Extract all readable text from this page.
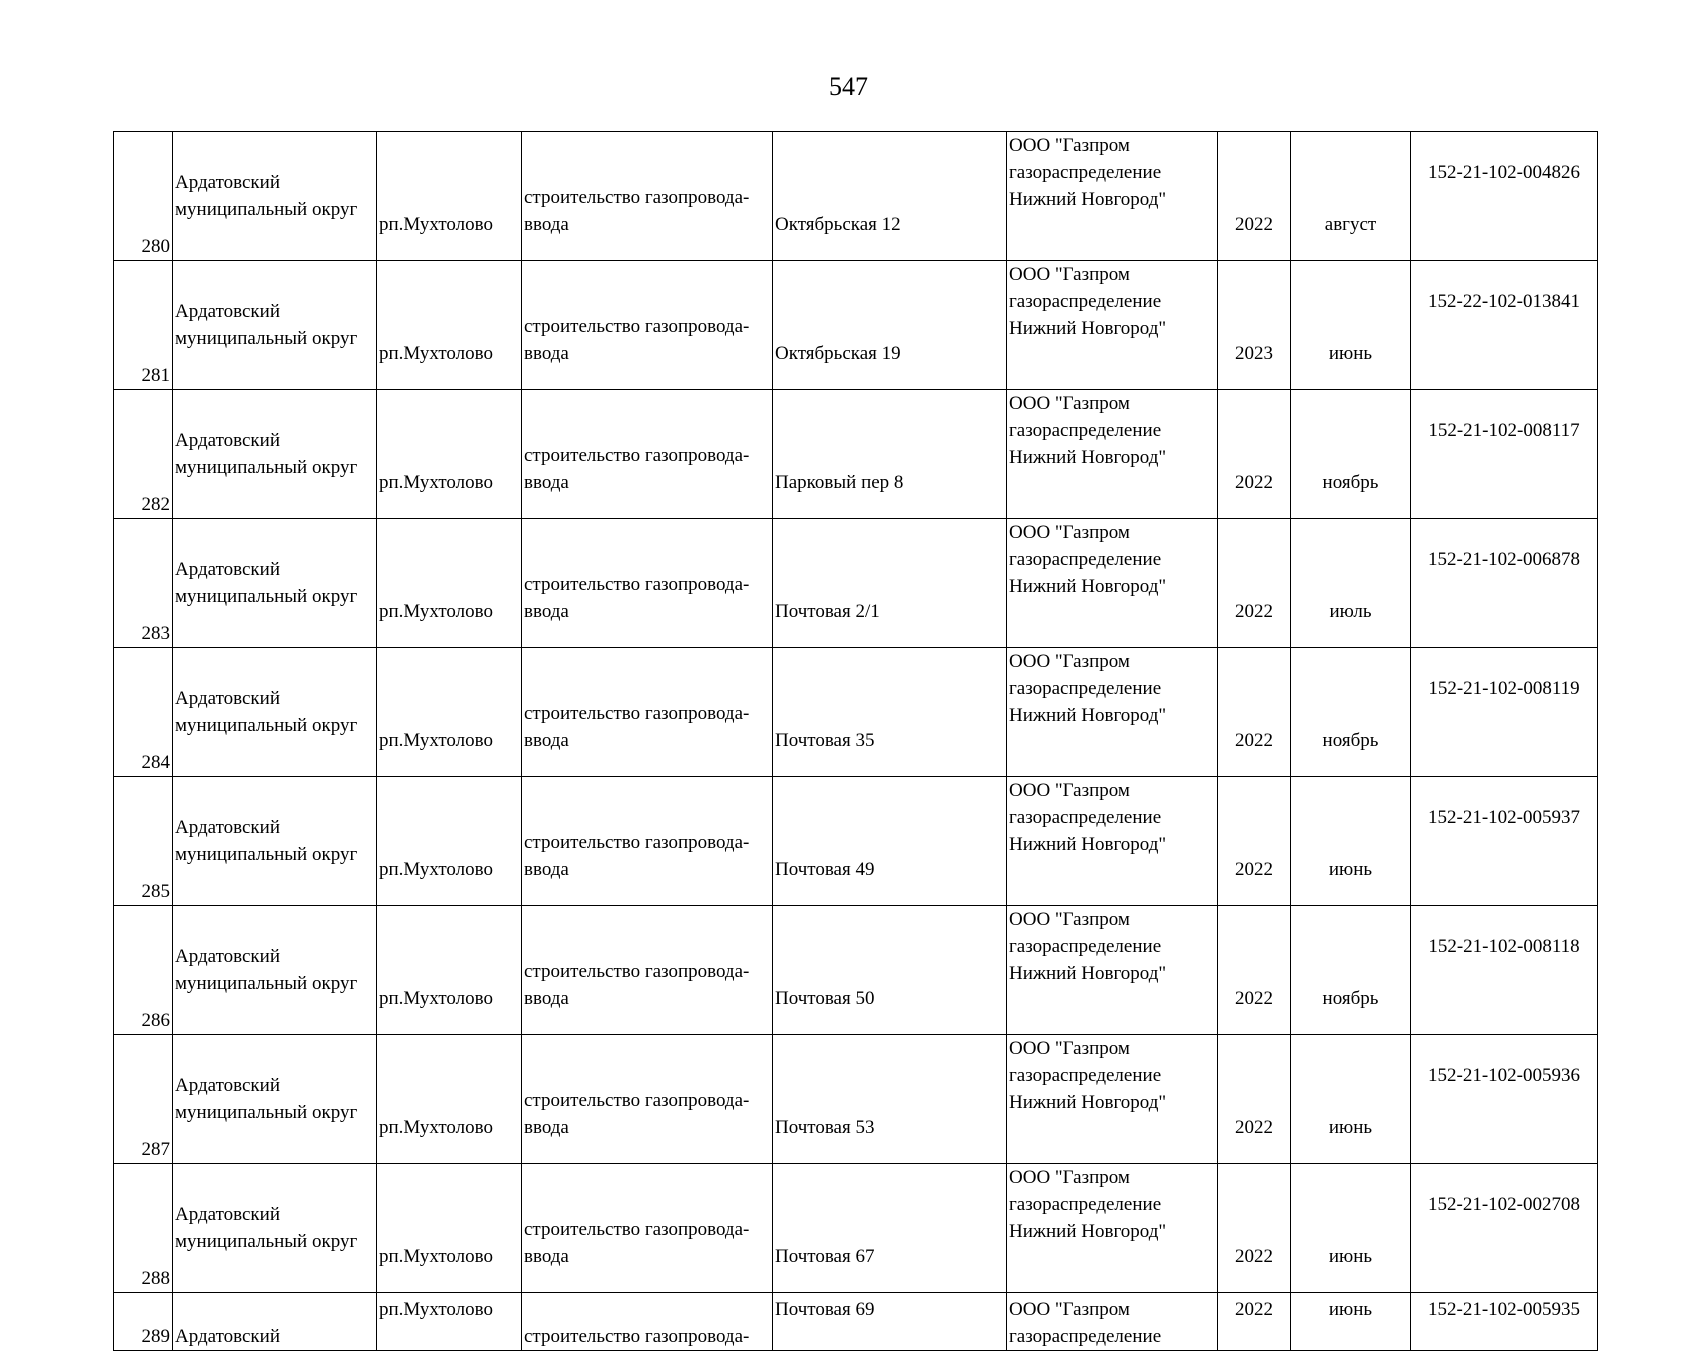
547
280	Ардатовский
муниципальный округ	рп.Мухтолово	строительство газопровода-
ввода	Октябрьская 12	ООО "Газпром
газораспределение
Нижний Новгород"	2022	август	152-21-102-004826
281	Ардатовский
муниципальный округ	рп.Мухтолово	строительство газопровода-
ввода	Октябрьская 19	ООО "Газпром
газораспределение
Нижний Новгород"	2023	июнь	152-22-102-013841
282	Ардатовский
муниципальный округ	рп.Мухтолово	строительство газопровода-
ввода	Парковый пер 8	ООО "Газпром
газораспределение
Нижний Новгород"	2022	ноябрь	152-21-102-008117
283	Ардатовский
муниципальный округ	рп.Мухтолово	строительство газопровода-
ввода	Почтовая 2/1	ООО "Газпром
газораспределение
Нижний Новгород"	2022	июль	152-21-102-006878
284	Ардатовский
муниципальный округ	рп.Мухтолово	строительство газопровода-
ввода	Почтовая 35	ООО "Газпром
газораспределение
Нижний Новгород"	2022	ноябрь	152-21-102-008119
285	Ардатовский
муниципальный округ	рп.Мухтолово	строительство газопровода-
ввода	Почтовая 49	ООО "Газпром
газораспределение
Нижний Новгород"	2022	июнь	152-21-102-005937
286	Ардатовский
муниципальный округ	рп.Мухтолово	строительство газопровода-
ввода	Почтовая 50	ООО "Газпром
газораспределение
Нижний Новгород"	2022	ноябрь	152-21-102-008118
287	Ардатовский
муниципальный округ	рп.Мухтолово	строительство газопровода-
ввода	Почтовая 53	ООО "Газпром
газораспределение
Нижний Новгород"	2022	июнь	152-21-102-005936
288	Ардатовский
муниципальный округ	рп.Мухтолово	строительство газопровода-
ввода	Почтовая 67	ООО "Газпром
газораспределение
Нижний Новгород"	2022	июнь	152-21-102-002708
289	Ардатовский	рп.Мухтолово	строительство газопровода-	Почтовая 69	ООО "Газпром
газораспределение	2022	июнь	152-21-102-005935
